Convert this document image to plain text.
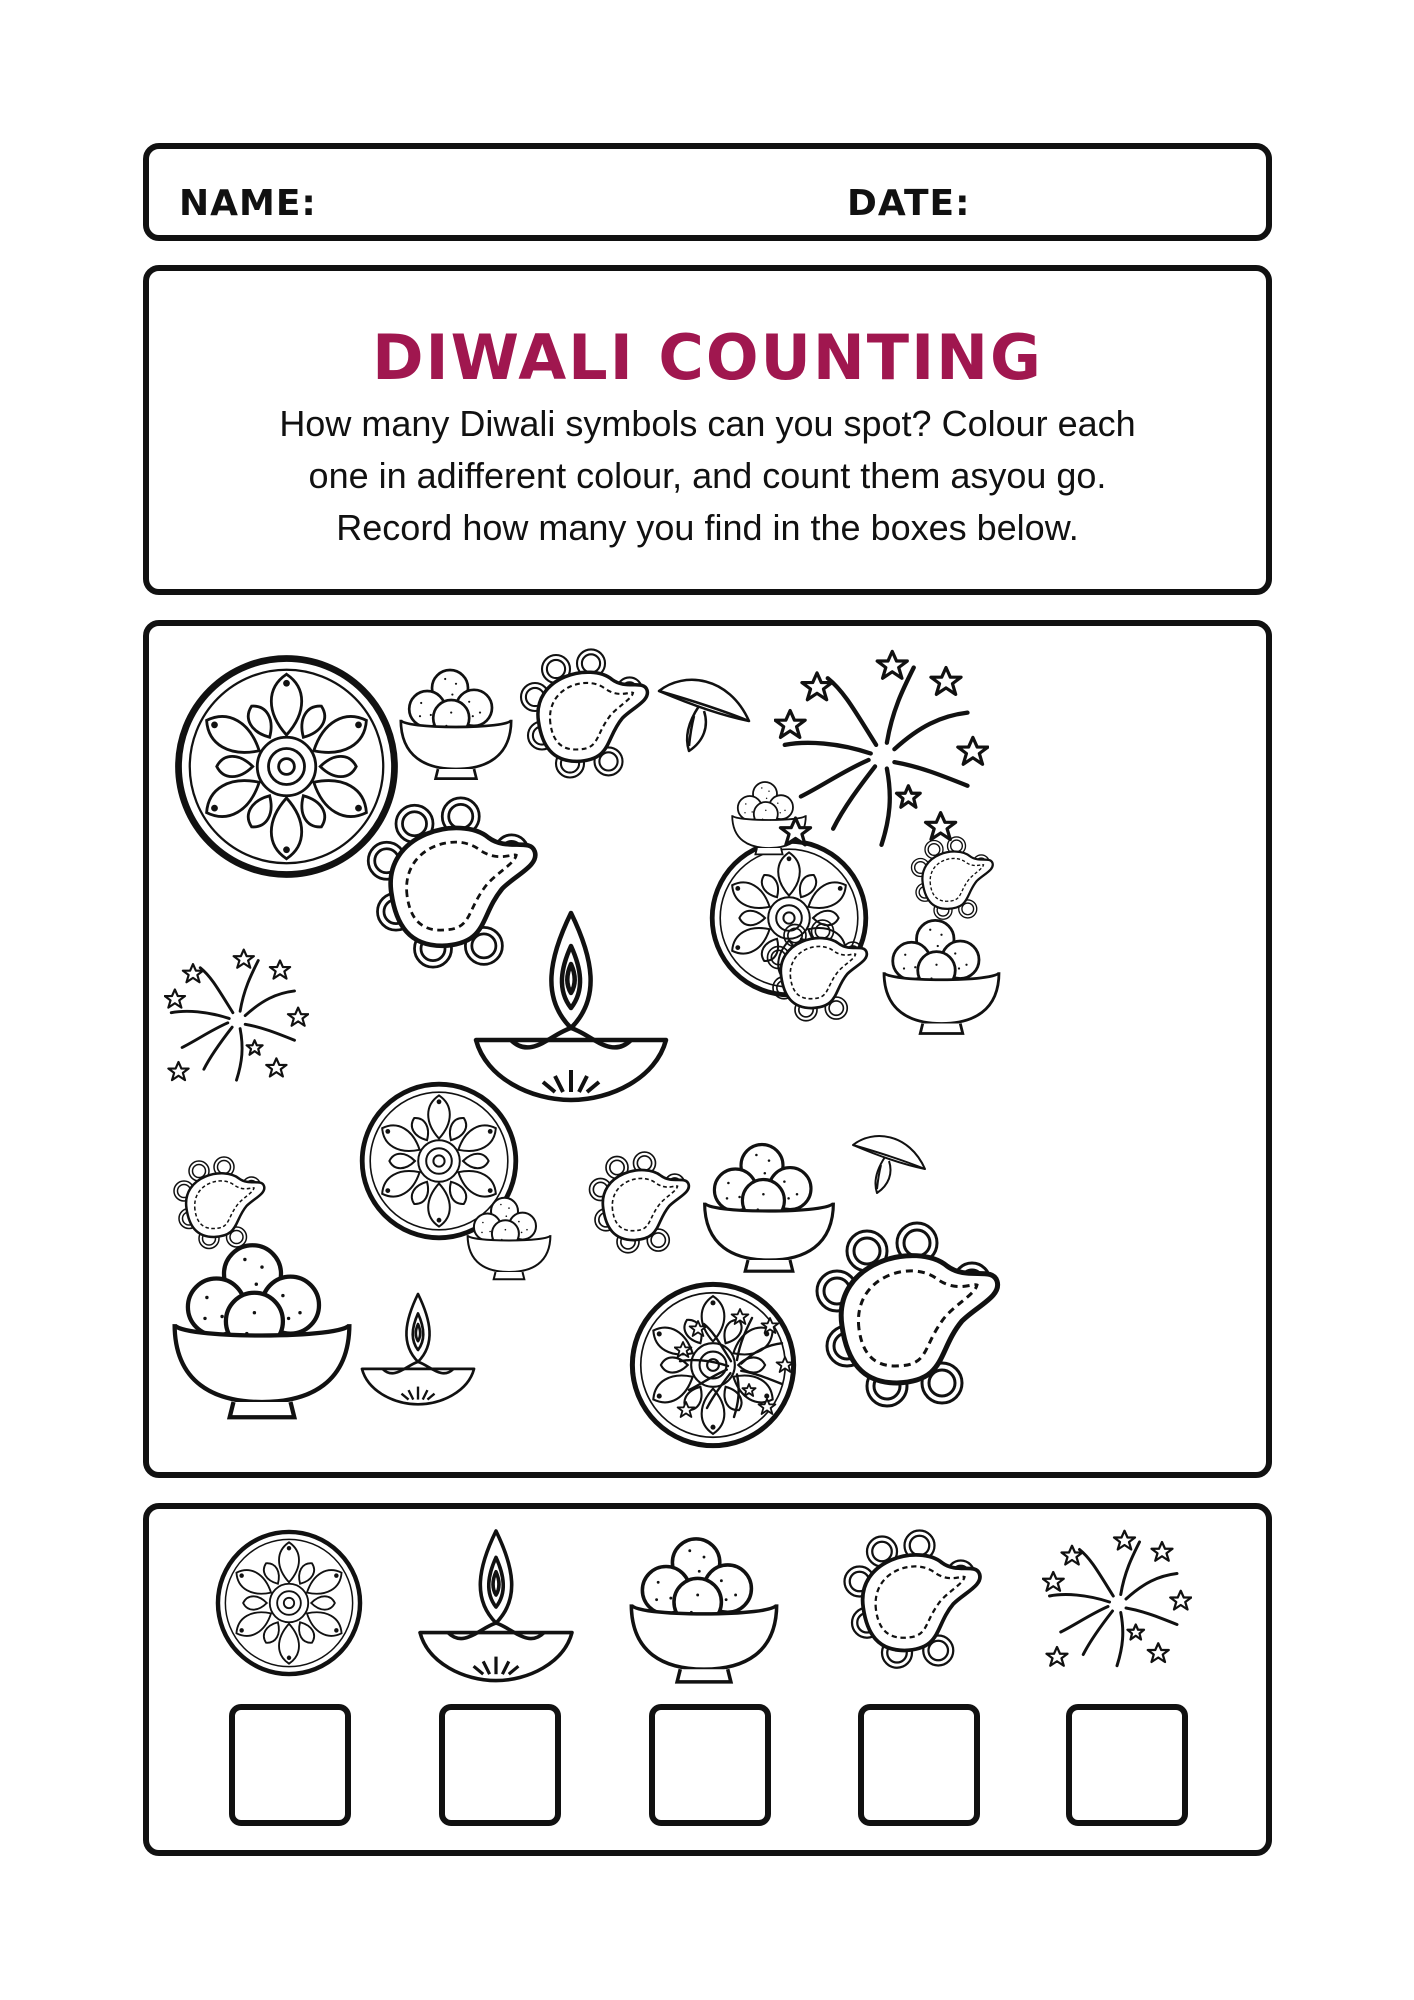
NAME:	DATE:
DIWALI COUNTING
How many Diwali symbols can you spot? Colour each
one in adifferent colour, and count them asyou go.
Record how many you find in the boxes below.
